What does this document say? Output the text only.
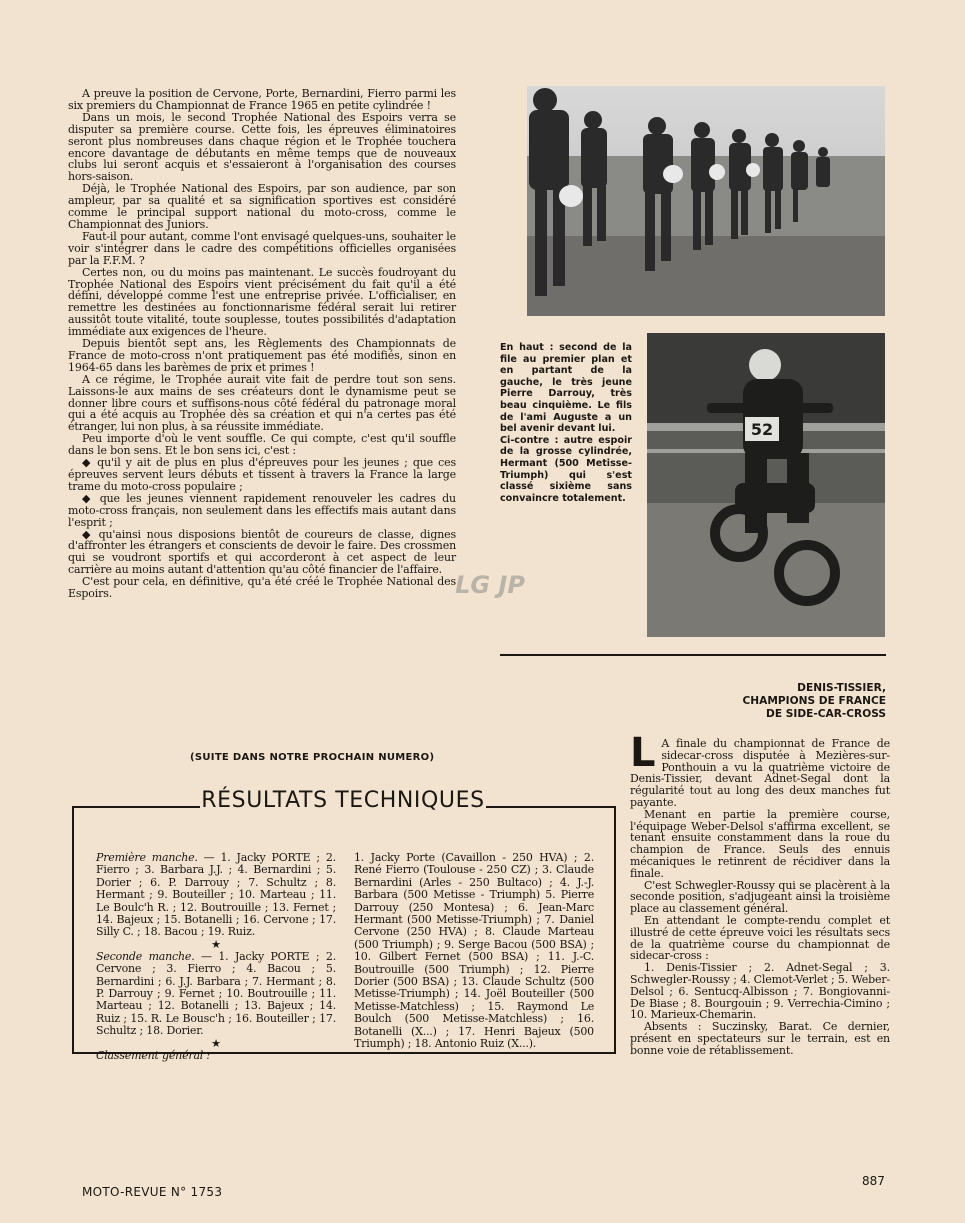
A preuve la position de Cervone, Porte, Bernardini, Fierro parmi les six premiers du Championnat de France 1965 en petite cylindrée !

Dans un mois, le second Trophée National des Espoirs verra se disputer sa première course. Cette fois, les épreuves éliminatoires seront plus nombreuses dans chaque région et le Trophée touchera encore davantage de débutants en même temps que de nouveaux clubs lui seront acquis et s'essaieront à l'organisation des courses hors-saison.

Déjà, le Trophée National des Espoirs, par son audience, par son ampleur, par sa qualité et sa signification sportives est considéré comme le principal support national du moto-cross, comme le Championnat des Juniors.

Faut-il pour autant, comme l'ont envisagé quelques-uns, souhaiter le voir s'intégrer dans le cadre des compétitions officielles organisées par la F.F.M. ?

Certes non, ou du moins pas maintenant. Le succès foudroyant du Trophée National des Espoirs vient précisément du fait qu'il a été défini, développé comme l'est une entreprise privée. L'officialiser, en remettre les destinées au fonctionnarisme fédéral serait lui retirer aussitôt toute vitalité, toute souplesse, toutes possibilités d'adaptation immédiate aux exigences de l'heure.

Depuis bientôt sept ans, les Règlements des Championnats de France de moto-cross n'ont pratiquement pas été modifiés, sinon en 1964-65 dans les barèmes de prix et primes !

A ce régime, le Trophée aurait vite fait de perdre tout son sens. Laissons-le aux mains de ses créateurs dont le dynamisme peut se donner libre cours et suffisons-nous côté fédéral du patronage moral qui a été acquis au Trophée dès sa création et qui n'a certes pas été étranger, lui non plus, à sa réussite immédiate.

Peu importe d'où le vent souffle. Ce qui compte, c'est qu'il souffle dans le bon sens. Et le bon sens ici, c'est :

◆ qu'il y ait de plus en plus d'épreuves pour les jeunes ; que ces épreuves servent leurs débuts et tissent à travers la France la large trame du moto-cross populaire ;

◆ que les jeunes viennent rapidement renouveler les cadres du moto-cross français, non seulement dans les effectifs mais autant dans l'esprit ;

◆ qu'ainsi nous disposions bientôt de coureurs de classe, dignes d'affronter les étrangers et conscients de devoir le faire. Des crossmen qui se voudront sportifs et qui accorderont à cet aspect de leur carrière au moins autant d'attention qu'au côté financier de l'affaire.

C'est pour cela, en définitive, qu'a été créé le Trophée National des Espoirs.

(SUITE DANS NOTRE PROCHAIN NUMERO)
LG JP

En haut : second de la file au premier plan et en partant de la gauche, le très jeune Pierre Darrouy, très beau cinquième. Le fils de l'ami Auguste a un bel avenir devant lui.

Ci-contre : autre espoir de la grosse cylindrée, Hermant (500 Metisse-Triumph) qui s'est classé sixième sans convaincre totalement.

52
DENIS-TISSIER,
CHAMPIONS DE FRANCE
DE SIDE-CAR-CROSS

L A finale du championnat de France de sidecar-cross disputée à Mezières-sur-Ponthouin a vu la quatrième victoire de Denis-Tissier, devant Adnet-Segal dont la régularité tout au long des deux manches fut payante.

Menant en partie la première course, l'équipage Weber-Delsol s'affirma excellent, se tenant ensuite constamment dans la roue du champion de France. Seuls des ennuis mécaniques le retinrent de récidiver dans la finale.

C'est Schwegler-Roussy qui se placèrent à la seconde position, s'adjugeant ainsi la troisième place au classement général.

En attendant le compte-rendu complet et illustré de cette épreuve voici les résultats secs de la quatrième course du championnat de sidecar-cross :

1. Denis-Tissier ; 2. Adnet-Segal ; 3. Schwegler-Roussy ; 4. Clemot-Verlet ; 5. Weber-Delsol ; 6. Sentucq-Albisson ; 7. Bongiovanni-De Biase ; 8. Bourgouin ; 9. Verrechia-Cimino ; 10. Marieux-Chemarin.

Absents : Suczinsky, Barat. Ce dernier, présent en spectateurs sur le terrain, est en bonne voie de rétablissement.

RÉSULTATS TECHNIQUES

Première manche. — 1. Jacky PORTE ; 2. Fierro ; 3. Barbara J.J. ; 4. Bernardini ; 5. Dorier ; 6. P. Darrouy ; 7. Schultz ; 8. Hermant ; 9. Bouteiller ; 10. Marteau ; 11. Le Boulc'h R. ; 12. Boutrouille ; 13. Fernet ; 14. Bajeux ; 15. Botanelli ; 16. Cervone ; 17. Silly C. ; 18. Bacou ; 19. Ruiz.

★

Seconde manche. — 1. Jacky PORTE ; 2. Cervone ; 3. Fierro ; 4. Bacou ; 5. Bernardini ; 6. J.J. Barbara ; 7. Hermant ; 8. P. Darrouy ; 9. Fernet ; 10. Boutrouille ; 11. Marteau ; 12. Botanelli ; 13. Bajeux ; 14. Ruiz ; 15. R. Le Bousc'h ; 16. Bouteiller ; 17. Schultz ; 18. Dorier.

★

Classement général :

1. Jacky Porte (Cavaillon - 250 HVA) ; 2. René Fierro (Toulouse - 250 CZ) ; 3. Claude Bernardini (Arles - 250 Bultaco) ; 4. J.-J. Barbara (500 Metisse - Triumph) 5. Pierre Darrouy (250 Montesa) ; 6. Jean-Marc Hermant (500 Metisse-Triumph) ; 7. Daniel Cervone (250 HVA) ; 8. Claude Marteau (500 Triumph) ; 9. Serge Bacou (500 BSA) ; 10. Gilbert Fernet (500 BSA) ; 11. J.-C. Boutrouille (500 Triumph) ; 12. Pierre Dorier (500 BSA) ; 13. Claude Schultz (500 Metisse-Triumph) ; 14. Joël Bouteiller (500 Metisse-Matchless) ; 15. Raymond Le Boulch (500 Metisse-Matchless) ; 16. Botanelli (X...) ; 17. Henri Bajeux (500 Triumph) ; 18. Antonio Ruiz (X...).

MOTO-REVUE N° 1753
887
